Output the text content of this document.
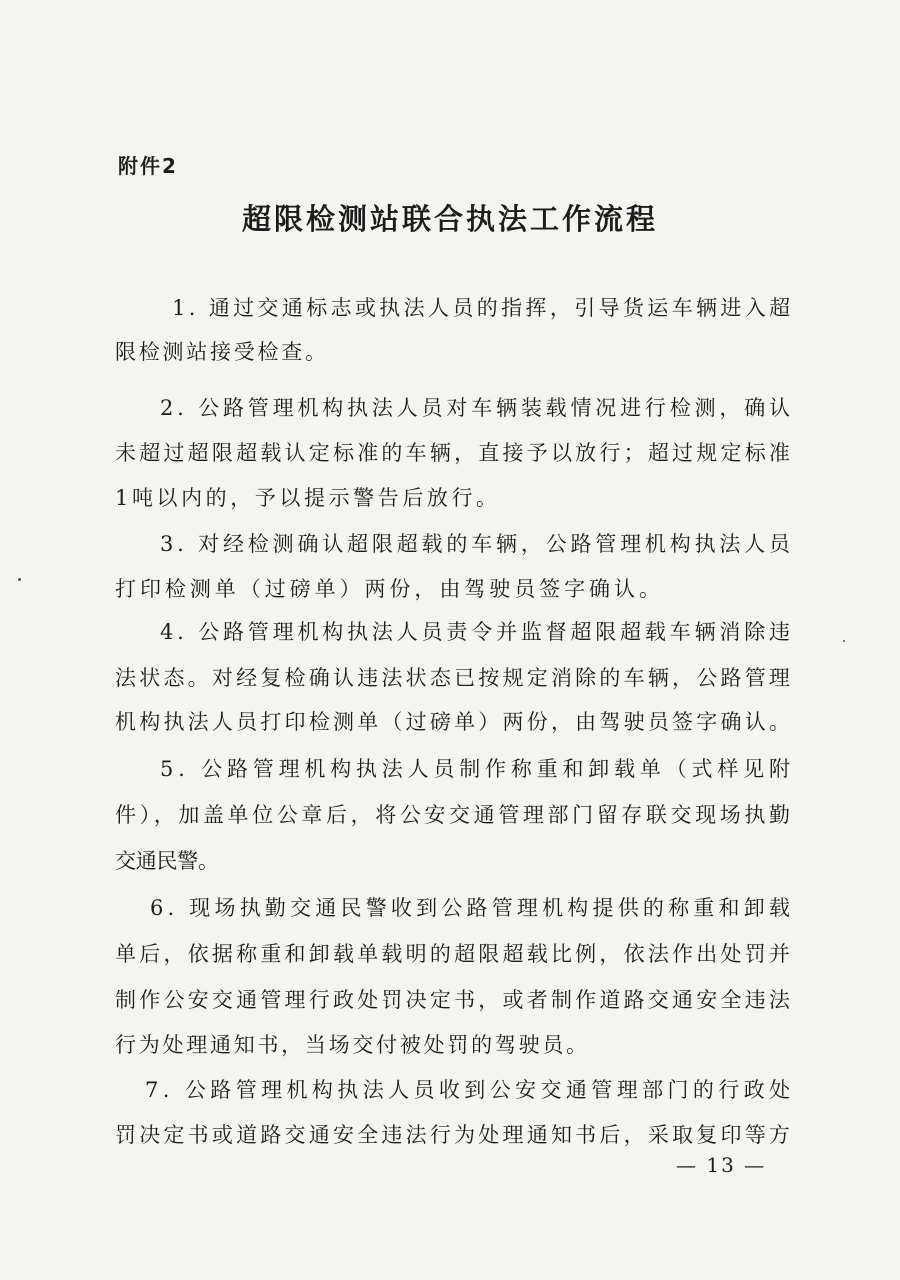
附件2
超限检测站联合执法工作流程
1. 通过交通标志或执法人员的指挥，引导货运车辆进入超
限检测站接受检查。
2. 公路管理机构执法人员对车辆装载情况进行检测，确认
未超过超限超载认定标准的车辆，直接予以放行；超过规定标准
1吨以内的，予以提示警告后放行。
3. 对经检测确认超限超载的车辆，公路管理机构执法人员
打印检测单（过磅单）两份，由驾驶员签字确认。
4. 公路管理机构执法人员责令并监督超限超载车辆消除违
法状态。对经复检确认违法状态已按规定消除的车辆，公路管理
机构执法人员打印检测单（过磅单）两份，由驾驶员签字确认。
5. 公路管理机构执法人员制作称重和卸载单（式样见附
件），加盖单位公章后，将公安交通管理部门留存联交现场执勤
交通民警。
6. 现场执勤交通民警收到公路管理机构提供的称重和卸载
单后，依据称重和卸载单载明的超限超载比例，依法作出处罚并
制作公安交通管理行政处罚决定书，或者制作道路交通安全违法
行为处理通知书，当场交付被处罚的驾驶员。
7. 公路管理机构执法人员收到公安交通管理部门的行政处
罚决定书或道路交通安全违法行为处理通知书后，采取复印等方
— 13 —
